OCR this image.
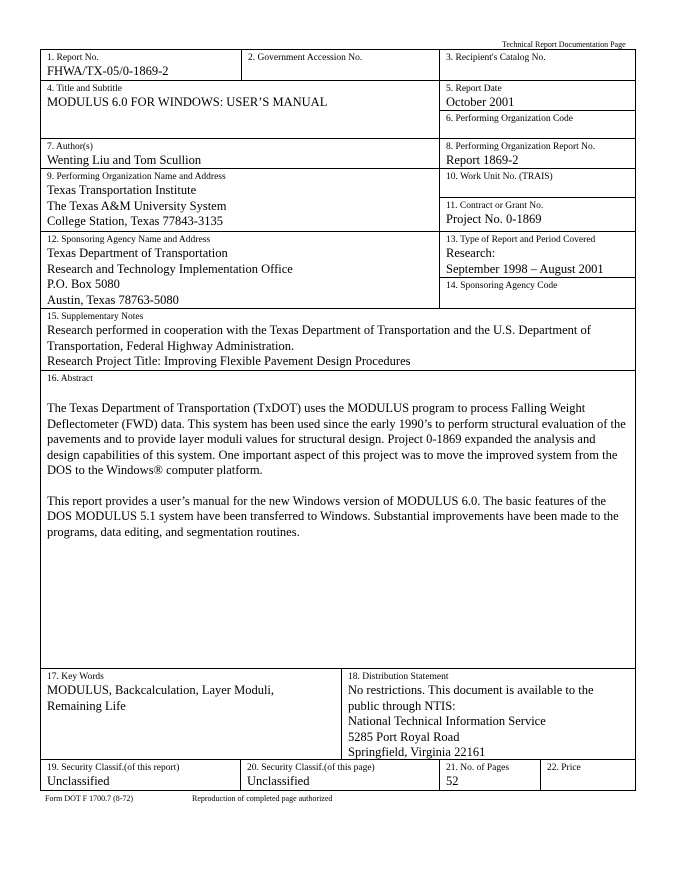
Technical Report Documentation Page
1. Report No.
FHWA/TX-05/0-1869-2
2. Government Accession No.	3. Recipient's Catalog No.
4. Title and Subtitle
MODULUS 6.0 FOR WINDOWS: USER’S MANUAL
5. Report Date
October 2001
6. Performing Organization Code
7. Author(s)
Wenting Liu and Tom Scullion
8. Performing Organization Report No.
Report 1869-2
9. Performing Organization Name and Address
Texas Transportation Institute
The Texas A&M University System
College Station, Texas 77843-3135
10. Work Unit No. (TRAIS)
11. Contract or Grant No.
Project No. 0-1869
12. Sponsoring Agency Name and Address
Texas Department of Transportation
Research and Technology Implementation Office
P.O. Box 5080
Austin, Texas 78763-5080
13. Type of Report and Period Covered
Research:
September 1998 – August 2001
14. Sponsoring Agency Code
15. Supplementary Notes
Research performed in cooperation with the Texas Department of Transportation and the U.S. Department of Transportation, Federal Highway Administration.
Research Project Title: Improving Flexible Pavement Design Procedures
16. Abstract

The Texas Department of Transportation (TxDOT) uses the MODULUS program to process Falling Weight Deflectometer (FWD) data. This system has been used since the early 1990’s to perform structural evaluation of the pavements and to provide layer moduli values for structural design. Project 0-1869 expanded the analysis and design capabilities of this system. One important aspect of this project was to move the improved system from the DOS to the Windows® computer platform.

This report provides a user’s manual for the new Windows version of MODULUS 6.0. The basic features of the DOS MODULUS 5.1 system have been transferred to Windows. Substantial improvements have been made to the programs, data editing, and segmentation routines.

17. Key Words
MODULUS, Backcalculation, Layer Moduli,
Remaining Life
18. Distribution Statement
No restrictions. This document is available to the
public through NTIS:
National Technical Information Service
5285 Port Royal Road
Springfield, Virginia 22161
19. Security Classif.(of this report)
Unclassified
20. Security Classif.(of this page)
Unclassified
21. No. of Pages
52
22. Price
Form DOT F 1700.7 (8-72)	Reproduction of completed page authorized
